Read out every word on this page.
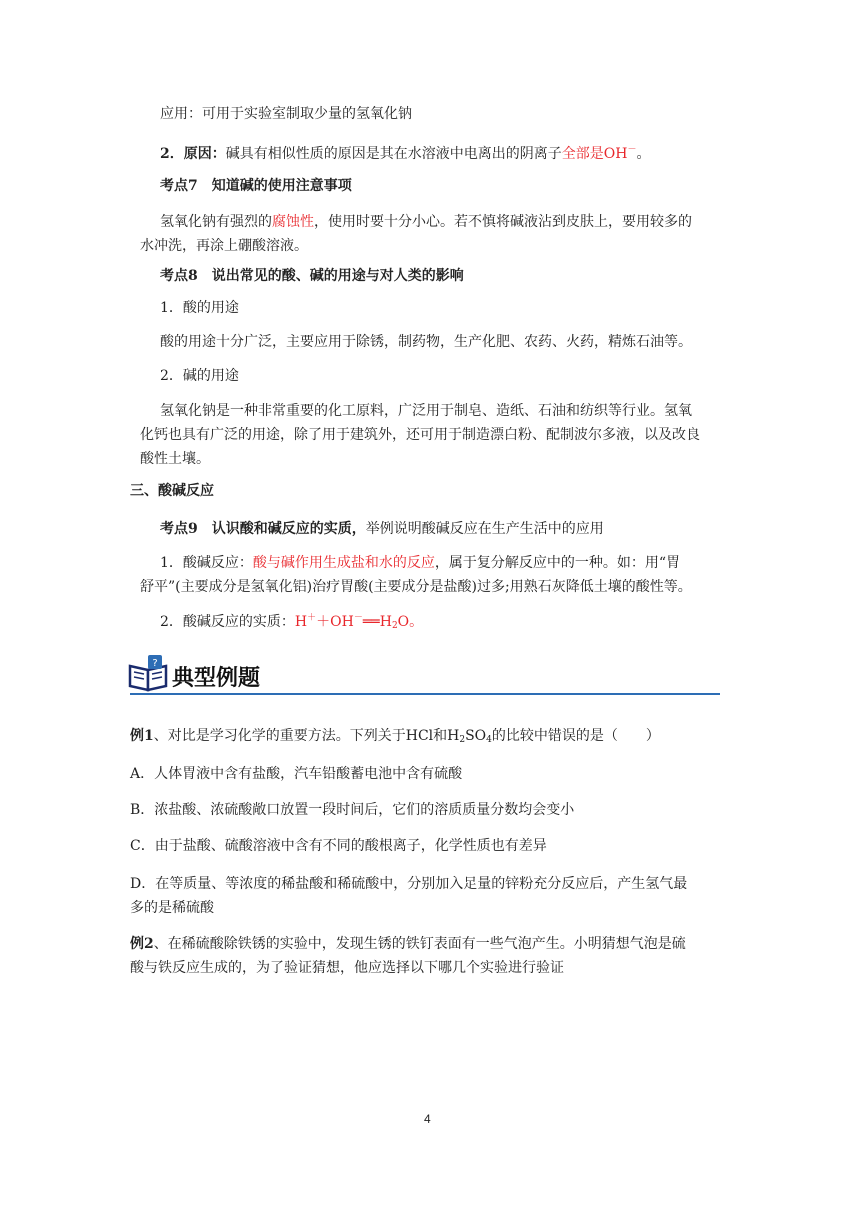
应用：可用于实验室制取少量的氢氧化钠
2．原因：碱具有相似性质的原因是其在水溶液中电离出的阴离子全部是OH－。
考点7　知道碱的使用注意事项
氢氧化钠有强烈的腐蚀性，使用时要十分小心。若不慎将碱液沾到皮肤上，要用较多的
水冲洗，再涂上硼酸溶液。
考点8　说出常见的酸、碱的用途与对人类的影响
1．酸的用途
酸的用途十分广泛，主要应用于除锈，制药物，生产化肥、农药、火药，精炼石油等。
2．碱的用途
氢氧化钠是一种非常重要的化工原料，广泛用于制皂、造纸、石油和纺织等行业。氢氧
化钙也具有广泛的用途，除了用于建筑外，还可用于制造漂白粉、配制波尔多液，以及改良
酸性土壤。
三、酸碱反应
考点9　认识酸和碱反应的实质，举例说明酸碱反应在生产生活中的应用
1．酸碱反应：酸与碱作用生成盐和水的反应，属于复分解反应中的一种。如：用“胃
舒平”(主要成分是氢氧化铝)治疗胃酸(主要成分是盐酸)过多;用熟石灰降低土壤的酸性等。
2．酸碱反应的实质：$H^++OH^-══H_2O$。
?
典型例题
例1、对比是学习化学的重要方法。下列关于HCl和$H_2SO_4$的比较中错误的是（　　）
A．人体胃液中含有盐酸，汽车铅酸蓄电池中含有硫酸
B．浓盐酸、浓硫酸敞口放置一段时间后，它们的溶质质量分数均会变小
C．由于盐酸、硫酸溶液中含有不同的酸根离子，化学性质也有差异
D．在等质量、等浓度的稀盐酸和稀硫酸中，分别加入足量的锌粉充分反应后，产生氢气最
多的是稀硫酸
例2、在稀硫酸除铁锈的实验中，发现生锈的铁钉表面有一些气泡产生。小明猜想气泡是硫
酸与铁反应生成的，为了验证猜想，他应选择以下哪几个实验进行验证
4
